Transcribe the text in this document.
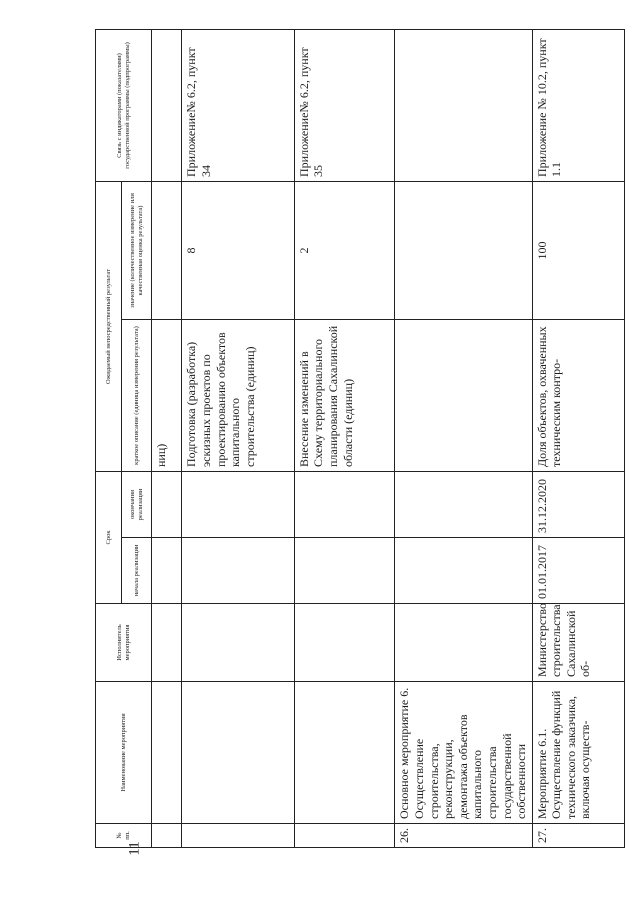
11
№ пп.	Наименование мероприятия	Исполнитель мероприятия	Срок		Ожидаемый непосредственный результат		Связь с индикаторами (показателями) государственной программы (подпрограммы)
			начала реализации	окончания реализации	краткое описание (единица измерения результата)	значение (количественное измерение или качественная оценка результата)	
					ниц)		
					Подготовка (разработка) эскизных проектов по проектированию объектов капитального строительства (единиц)	8	Приложение№ 6.2, пункт 34
					Внесение изменений в Схему территориального планирования Сахалинской области (единиц)	2	Приложение№ 6.2, пункт 35
26.	Основное мероприятие 6. Осуществление строительства, реконструкции, демонтажа объектов капитального строительства государственной собственности						
27.	Мероприятие 6.1. Осуществление функций технического заказчика, включая осуществ-	Министерство строительства Сахалинской об-	01.01.2017	31.12.2020	Доля объектов, охваченных техническим контро-	100	Приложение № 10.2, пункт 1.1
